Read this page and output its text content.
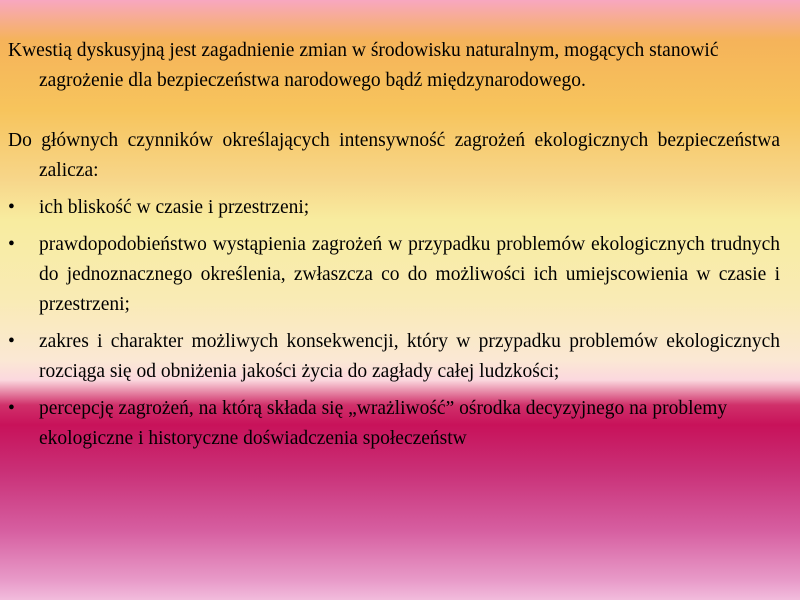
Kwestią dyskusyjną jest zagadnienie zmian w środowisku naturalnym, mogących stanowić zagrożenie dla bezpieczeństwa narodowego bądź międzynarodowego.

Do głównych czynników określających intensywność zagrożeń ekologicznych bezpieczeństwa zalicza:

•	ich bliskość w czasie i przestrzeni;
•	prawdopodobieństwo wystąpienia zagrożeń w przypadku problemów ekologicznych trudnych do jednoznacznego określenia, zwłaszcza co do możliwości ich umiejscowienia w czasie i przestrzeni;
•	zakres i charakter możliwych konsekwencji, który w przypadku problemów ekologicznych rozciąga się od obniżenia jakości życia do zagłady całej ludzkości;
•	percepcję zagrożeń, na którą składa się „wrażliwość” ośrodka decyzyjnego na problemy ekologiczne i historyczne doświadczenia społeczeństw
